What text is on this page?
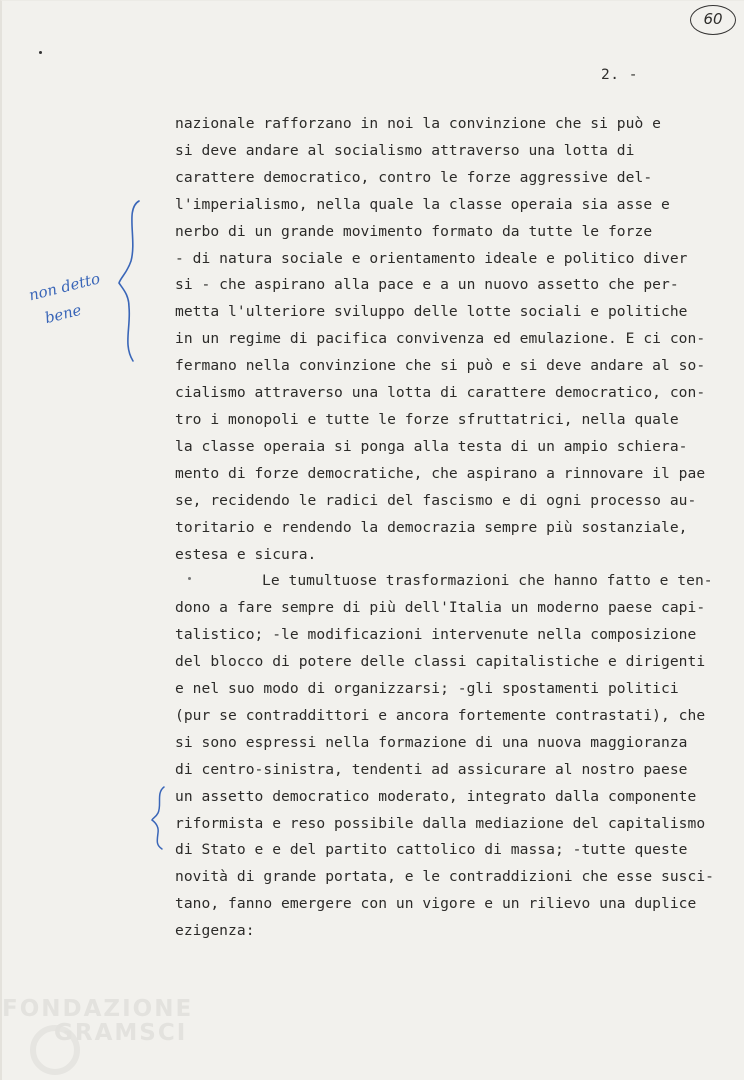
60
2. -
nazionale rafforzano in noi la convinzione che si può e
si deve andare al socialismo attraverso una lotta di
carattere democratico, contro le forze aggressive del-
l'imperialismo, nella quale la classe operaia sia asse e
nerbo di un grande movimento formato da tutte le forze
- di natura sociale e orientamento ideale e politico diver
si - che aspirano alla pace e a un nuovo assetto che per-
metta l'ulteriore sviluppo delle lotte sociali e politiche
in un regime di pacifica convivenza ed emulazione. E ci con-
fermano nella convinzione che si può e si deve andare al so-
cialismo attraverso una lotta di carattere democratico, con-
tro i monopoli e tutte le forze sfruttatrici, nella quale
la classe operaia si ponga alla testa di un ampio schiera-
mento di forze democratiche, che aspirano a rinnovare il pae
se, recidendo le radici del fascismo e di ogni processo au-
toritario e rendendo la democrazia sempre più sostanziale,
estesa e sicura.
Le tumultuose trasformazioni che hanno fatto e ten-
dono a fare sempre di più dell'Italia un moderno paese capi-
talistico; -le modificazioni intervenute nella composizione
del blocco di potere delle classi capitalistiche e dirigenti
e nel suo modo di organizzarsi; -gli spostamenti politici
(pur se contraddittori e ancora fortemente contrastati), che
si sono espressi nella formazione di una nuova maggioranza
di centro-sinistra, tendenti ad assicurare al nostro paese
un assetto democratico moderato, integrato dalla componente
riformista e reso possibile dalla mediazione del capitalismo
di Stato e e del partito cattolico di massa; -tutte queste
novità di grande portata, e le contraddizioni che esse susci-
tano, fanno emergere con un vigore e un rilievo una duplice
ezigenza:
non detto
bene
FONDAZIONE
GRAMSCI
